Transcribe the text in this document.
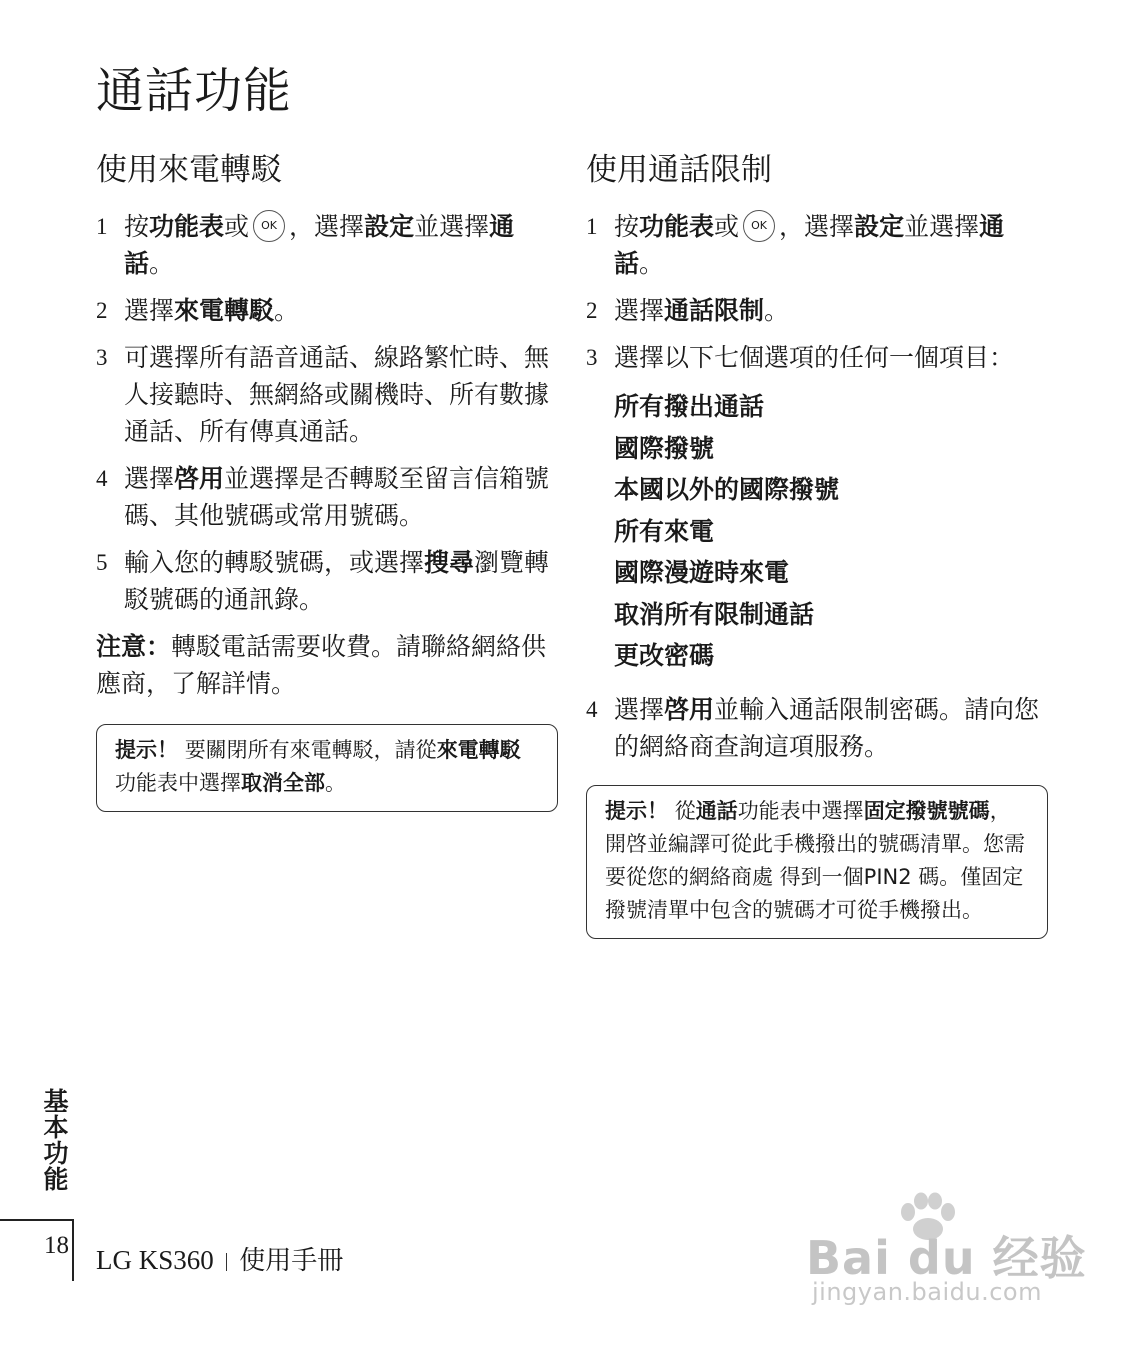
通話功能
使用來電轉駁
1 按功能表或 OK ，選擇設定並選擇通話。
2 選擇來電轉駁。
3 可選擇所有語音通話、線路繁忙時、無人接聽時、無網絡或關機時、所有數據通話、所有傳真通話。
4 選擇啓用並選擇是否轉駁至留言信箱號碼、其他號碼或常用號碼。
5 輸入您的轉駁號碼，或選擇搜尋瀏覽轉駁號碼的通訊錄。

注意：轉駁電話需要收費。請聯絡網絡供應商，了解詳情。

提示！ 要關閉所有來電轉駁，請從來電轉駁功能表中選擇取消全部。
使用通話限制
1 按功能表或 OK ，選擇設定並選擇通話。
2 選擇通話限制。
3 選擇以下七個選項的任何一個項目：
所有撥出通話
國際撥號
本國以外的國際撥號
所有來電
國際漫遊時來電
取消所有限制通話
更改密碼
4 選擇啓用並輸入通話限制密碼。請向您的網絡商查詢這項服務。
提示！ 從通話功能表中選擇固定撥號號碼，開啓並編譯可從此手機撥出的號碼清單。您需要從您的網絡商處 得到一個PIN2 碼。僅固定撥號清單中包含的號碼才可從手機撥出。
基本功能
18 LG KS360 使用手冊	Bai du 经验
jingyan.baidu.com
